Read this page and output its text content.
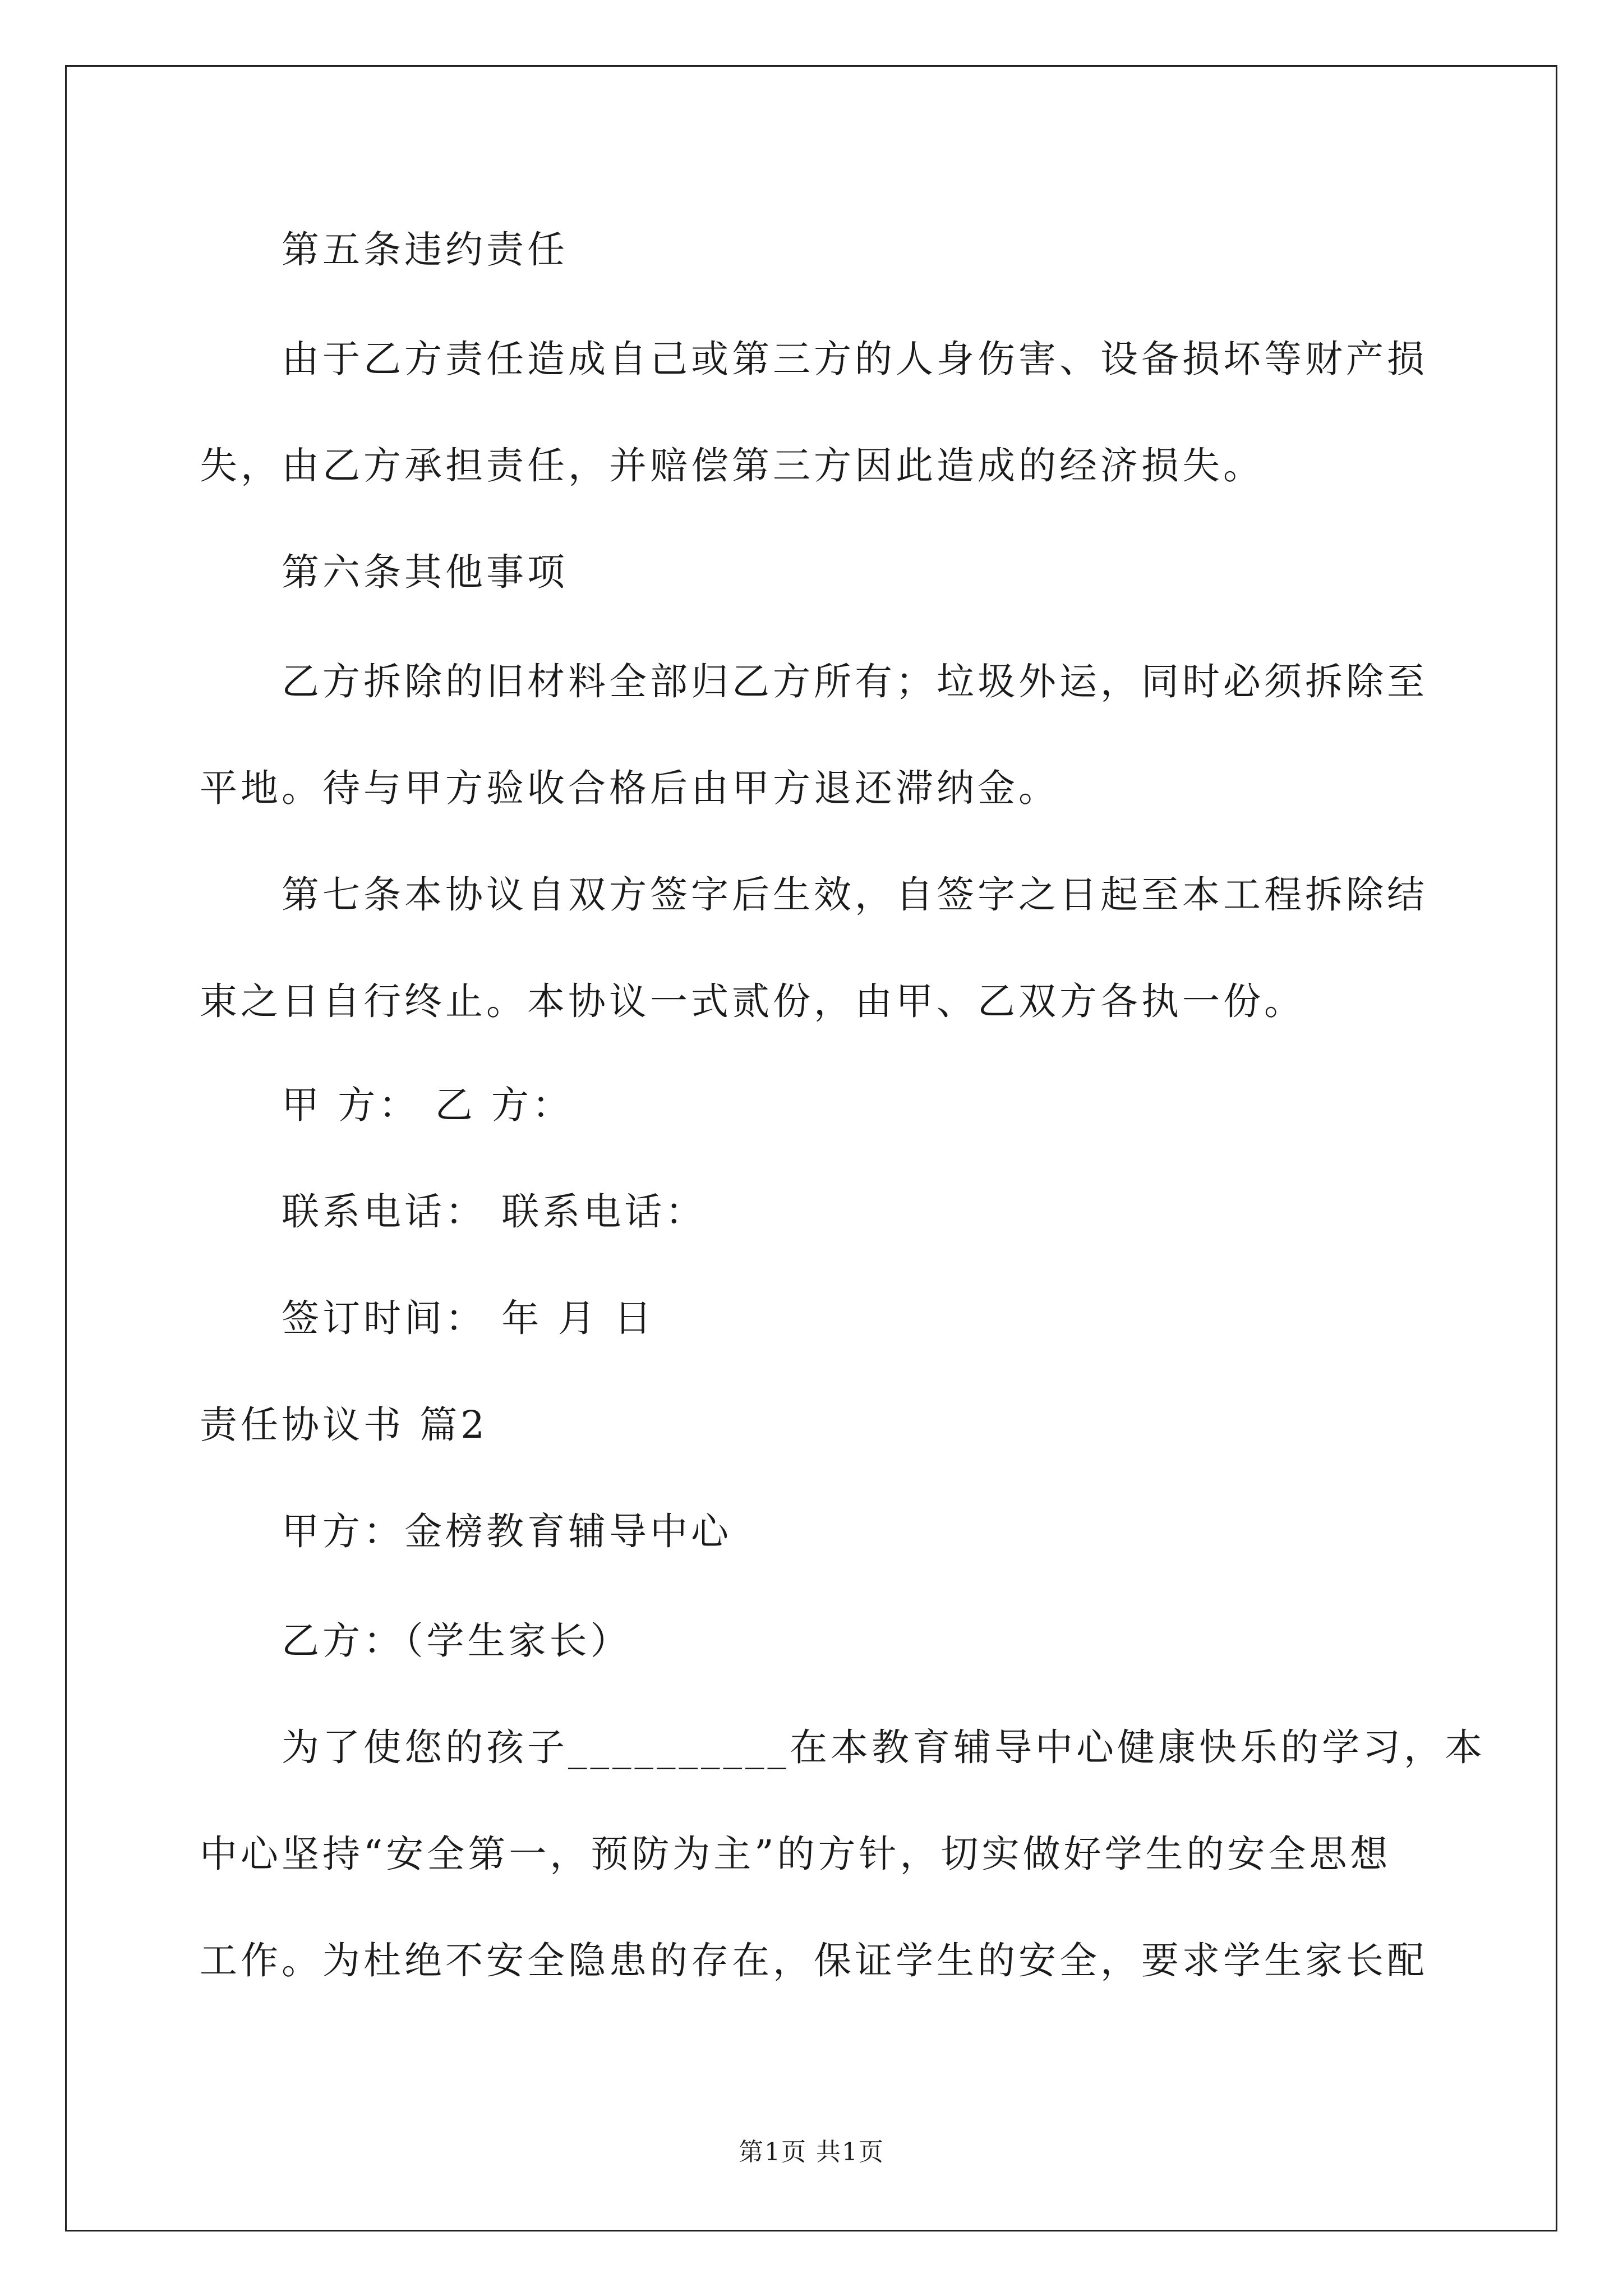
第五条违约责任
由于乙方责任造成自己或第三方的人身伤害、设备损坏等财产损
失，由乙方承担责任，并赔偿第三方因此造成的经济损失。
第六条其他事项
乙方拆除的旧材料全部归乙方所有；垃圾外运，同时必须拆除至
平地。待与甲方验收合格后由甲方退还滞纳金。
第七条本协议自双方签字后生效，自签字之日起至本工程拆除结
束之日自行终止。本协议一式贰份，由甲、乙双方各执一份。
甲 方： 乙 方：
联系电话： 联系电话：
签订时间： 年 月 日
责任协议书 篇2
甲方：金榜教育辅导中心
乙方：（学生家长）
为了使您的孩子__________在本教育辅导中心健康快乐的学习，本
中心坚持“安全第一，预防为主”的方针，切实做好学生的安全思想
工作。为杜绝不安全隐患的存在，保证学生的安全，要求学生家长配
第1页 共1页
